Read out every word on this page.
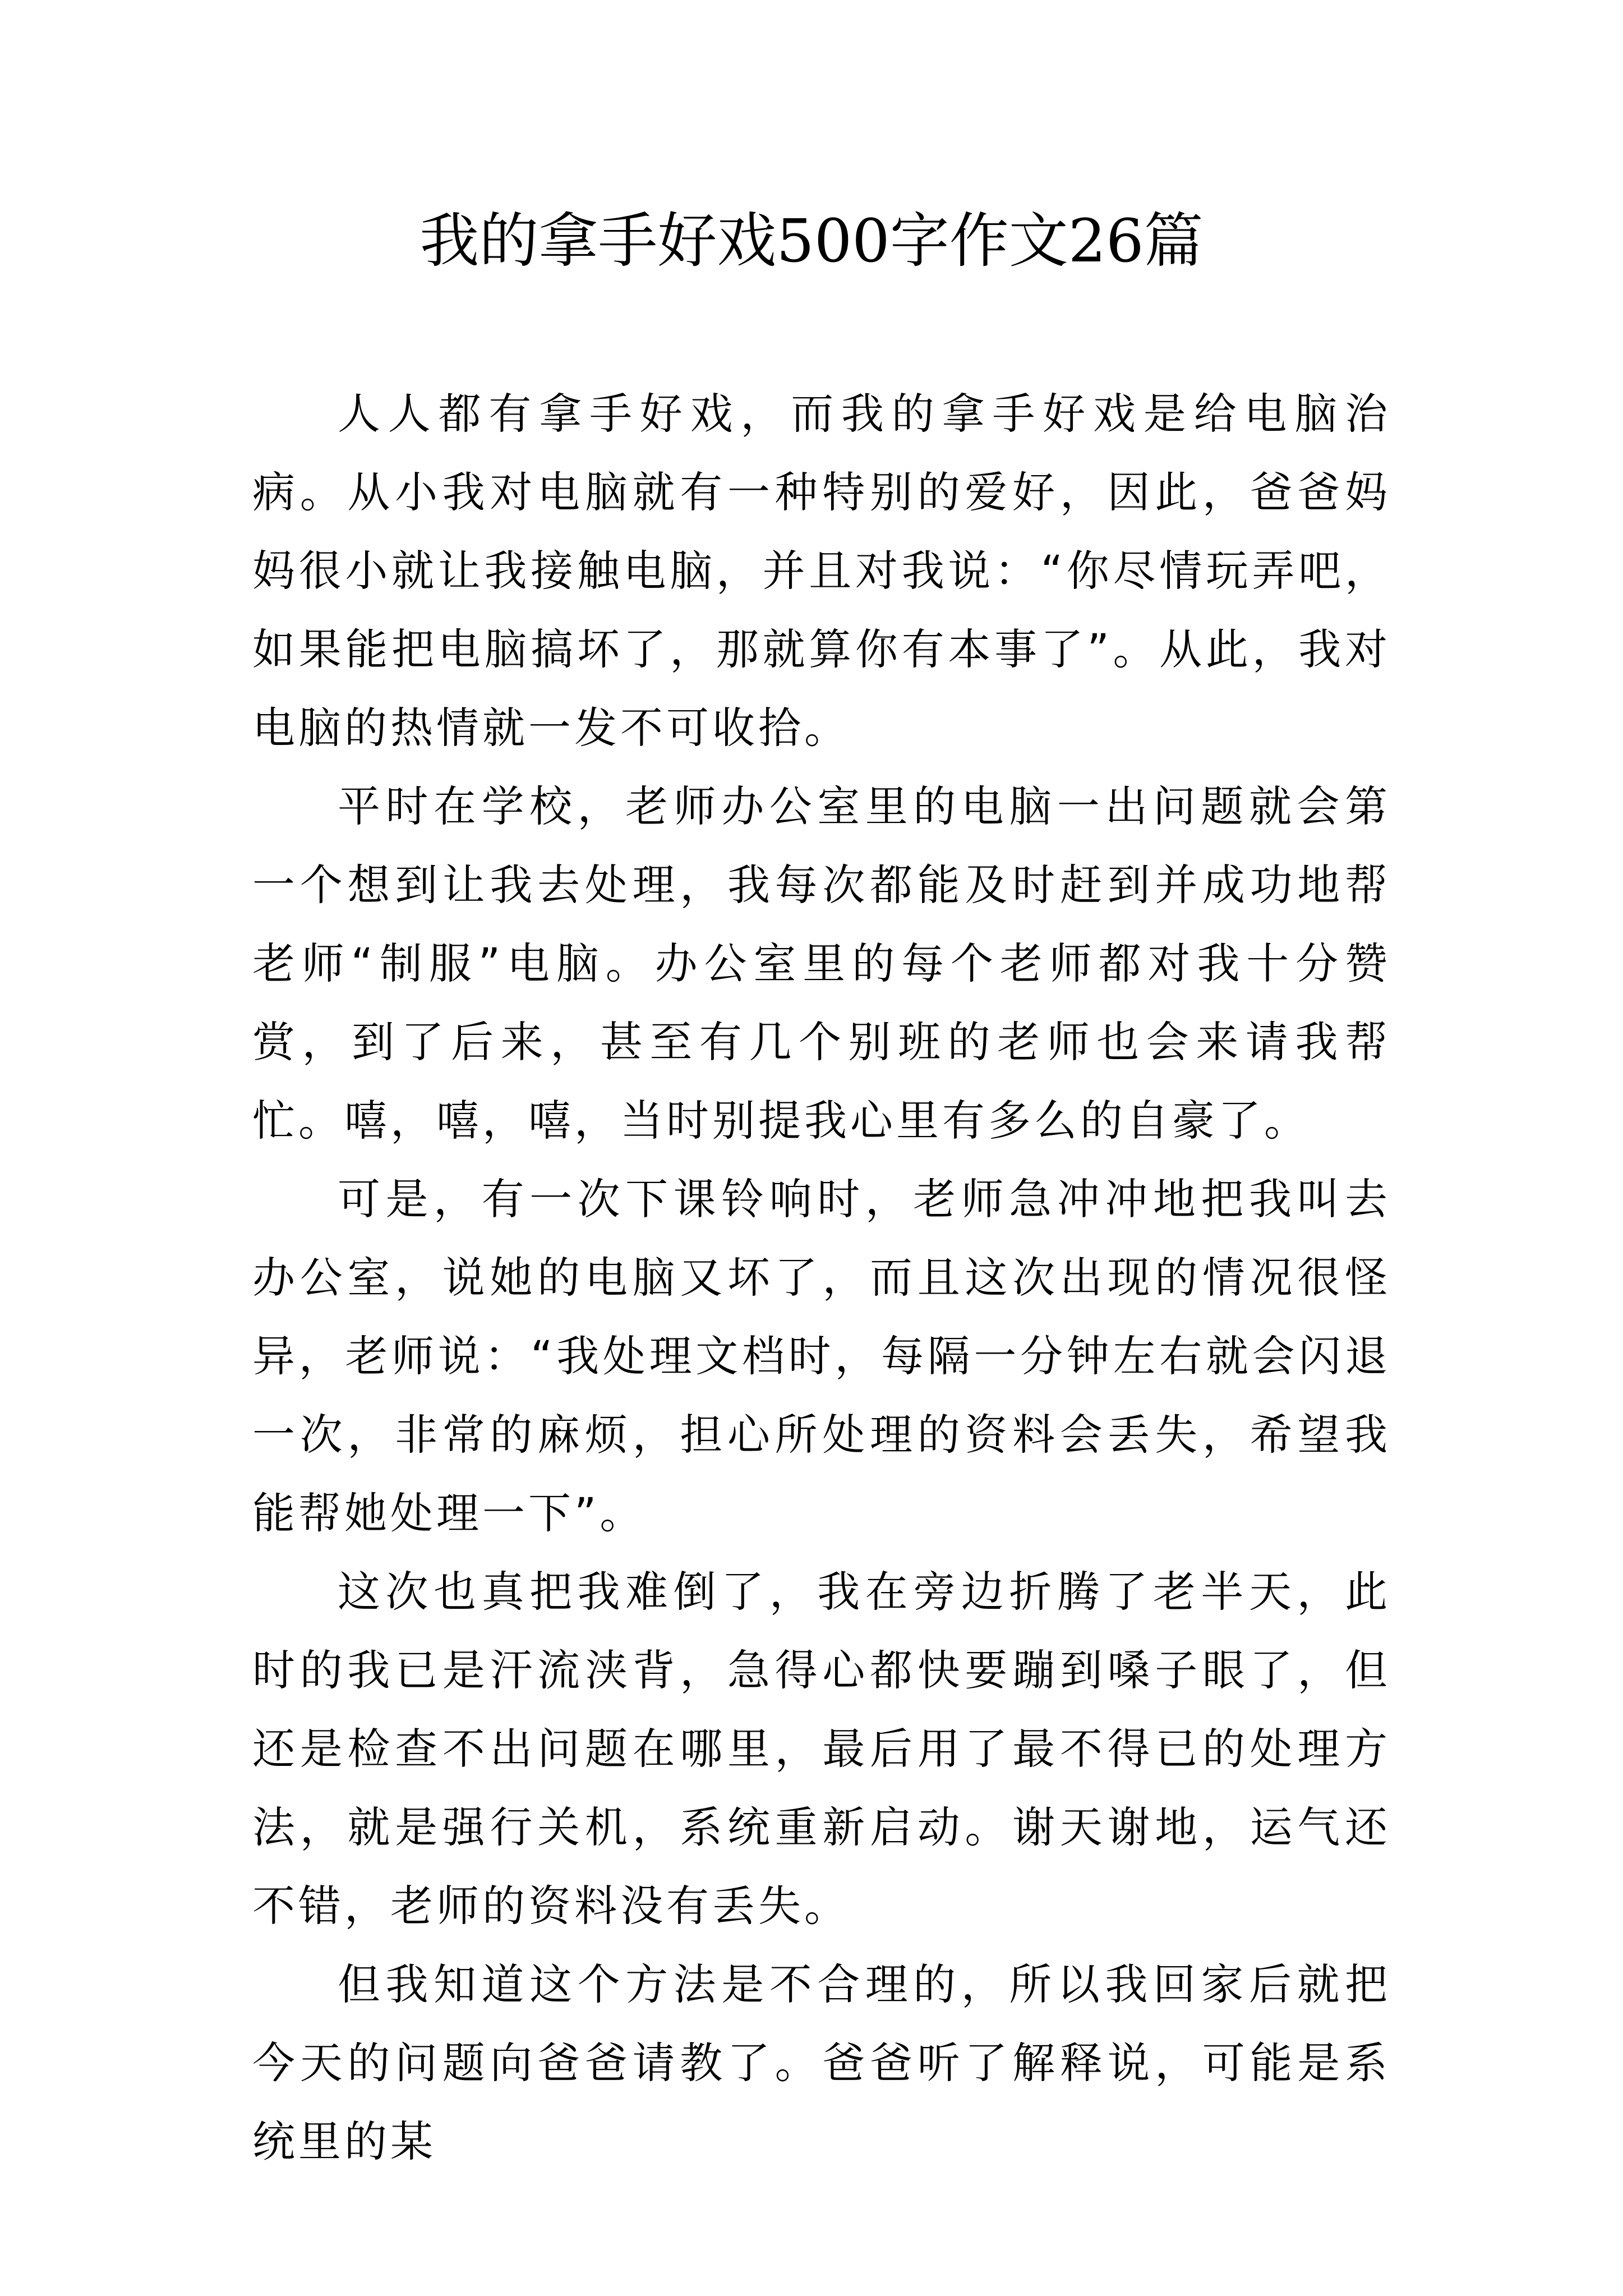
我的拿手好戏500字作文26篇

人人都有拿手好戏，而我的拿手好戏是给电脑治病。从小我对电脑就有一种特别的爱好，因此，爸爸妈妈很小就让我接触电脑，并且对我说：“你尽情玩弄吧，如果能把电脑搞坏了，那就算你有本事了”。从此，我对电脑的热情就一发不可收拾。

平时在学校，老师办公室里的电脑一出问题就会第一个想到让我去处理，我每次都能及时赶到并成功地帮老师“制服”电脑。办公室里的每个老师都对我十分赞赏，到了后来，甚至有几个别班的老师也会来请我帮忙。嘻，嘻，嘻，当时别提我心里有多么的自豪了。

可是，有一次下课铃响时，老师急冲冲地把我叫去办公室，说她的电脑又坏了，而且这次出现的情况很怪异，老师说：“我处理文档时，每隔一分钟左右就会闪退一次，非常的麻烦，担心所处理的资料会丢失，希望我能帮她处理一下”。

这次也真把我难倒了，我在旁边折腾了老半天，此时的我已是汗流浃背，急得心都快要蹦到嗓子眼了，但还是检查不出问题在哪里，最后用了最不得已的处理方法，就是强行关机，系统重新启动。谢天谢地，运气还不错，老师的资料没有丢失。

但我知道这个方法是不合理的，所以我回家后就把今天的问题向爸爸请教了。爸爸听了解释说，可能是系统里的某
